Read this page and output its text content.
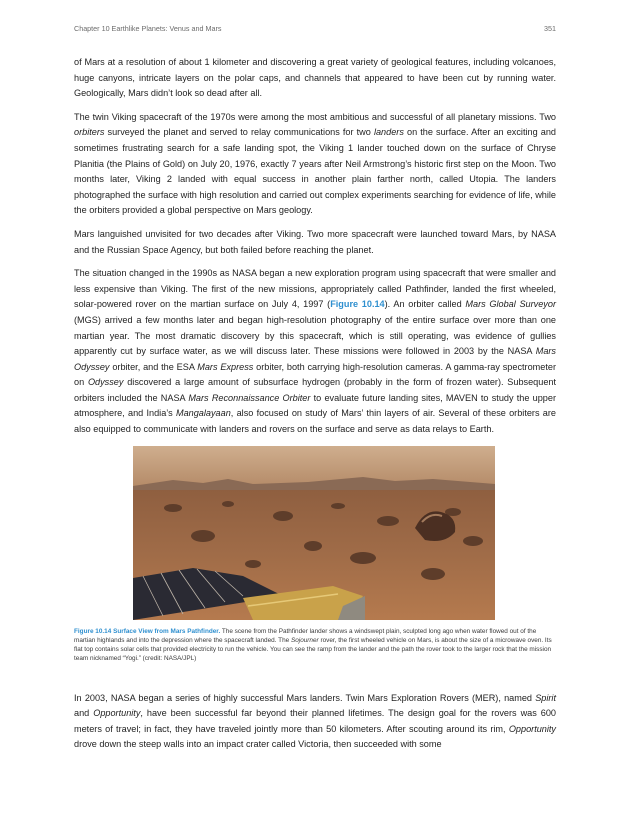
Chapter 10 Earthlike Planets: Venus and Mars	351

of Mars at a resolution of about 1 kilometer and discovering a great variety of geological features, including volcanoes, huge canyons, intricate layers on the polar caps, and channels that appeared to have been cut by running water. Geologically, Mars didn’t look so dead after all.

The twin Viking spacecraft of the 1970s were among the most ambitious and successful of all planetary missions. Two orbiters surveyed the planet and served to relay communications for two landers on the surface. After an exciting and sometimes frustrating search for a safe landing spot, the Viking 1 lander touched down on the surface of Chryse Planitia (the Plains of Gold) on July 20, 1976, exactly 7 years after Neil Armstrong’s historic first step on the Moon. Two months later, Viking 2 landed with equal success in another plain farther north, called Utopia. The landers photographed the surface with high resolution and carried out complex experiments searching for evidence of life, while the orbiters provided a global perspective on Mars geology.

Mars languished unvisited for two decades after Viking. Two more spacecraft were launched toward Mars, by NASA and the Russian Space Agency, but both failed before reaching the planet.

The situation changed in the 1990s as NASA began a new exploration program using spacecraft that were smaller and less expensive than Viking. The first of the new missions, appropriately called Pathfinder, landed the first wheeled, solar-powered rover on the martian surface on July 4, 1997 (Figure 10.14). An orbiter called Mars Global Surveyor (MGS) arrived a few months later and began high-resolution photography of the entire surface over more than one martian year. The most dramatic discovery by this spacecraft, which is still operating, was evidence of gullies apparently cut by surface water, as we will discuss later. These missions were followed in 2003 by the NASA Mars Odyssey orbiter, and the ESA Mars Express orbiter, both carrying high-resolution cameras. A gamma-ray spectrometer on Odyssey discovered a large amount of subsurface hydrogen (probably in the form of frozen water). Subsequent orbiters included the NASA Mars Reconnaissance Orbiter to evaluate future landing sites, MAVEN to study the upper atmosphere, and India’s Mangalayaan, also focused on study of Mars’ thin layers of air. Several of these orbiters are also equipped to communicate with landers and rovers on the surface and serve as data relays to Earth.

Figure 10.14 Surface View from Mars Pathfinder. The scene from the Pathfinder lander shows a windswept plain, sculpted long ago when water flowed out of the martian highlands and into the depression where the spacecraft landed. The Sojourner rover, the first wheeled vehicle on Mars, is about the size of a microwave oven. Its flat top contains solar cells that provided electricity to run the vehicle. You can see the ramp from the lander and the path the rover took to the larger rock that the mission team nicknamed “Yogi.” (credit: NASA/JPL)

In 2003, NASA began a series of highly successful Mars landers. Twin Mars Exploration Rovers (MER), named Spirit and Opportunity, have been successful far beyond their planned lifetimes. The design goal for the rovers was 600 meters of travel; in fact, they have traveled jointly more than 50 kilometers. After scouting around its rim, Opportunity drove down the steep walls into an impact crater called Victoria, then succeeded with some
